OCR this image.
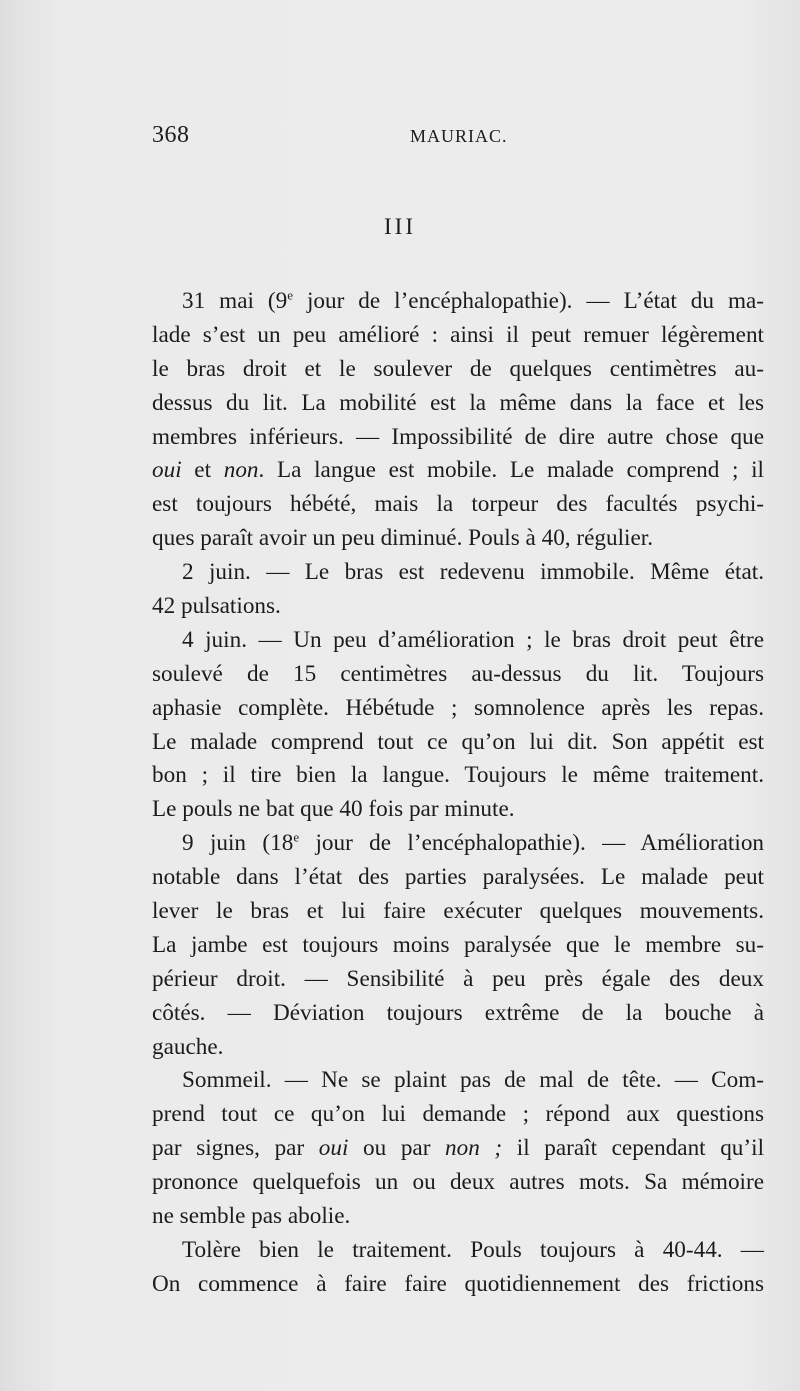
368	MAURIAC.
III
31 mai (9e jour de l’encéphalopathie). — L’état du ma-
lade s’est un peu amélioré : ainsi il peut remuer légèrement
le bras droit et le soulever de quelques centimètres au-
dessus du lit. La mobilité est la même dans la face et les
membres inférieurs. — Impossibilité de dire autre chose que
oui et non. La langue est mobile. Le malade comprend ; il
est toujours hébété, mais la torpeur des facultés psychi-
ques paraît avoir un peu diminué. Pouls à 40, régulier.
2 juin. — Le bras est redevenu immobile. Même état.
42 pulsations.
4 juin. — Un peu d’amélioration ; le bras droit peut être
soulevé de 15 centimètres au-dessus du lit. Toujours
aphasie complète. Hébétude ; somnolence après les repas.
Le malade comprend tout ce qu’on lui dit. Son appétit est
bon ; il tire bien la langue. Toujours le même traitement.
Le pouls ne bat que 40 fois par minute.
9 juin (18e jour de l’encéphalopathie). — Amélioration
notable dans l’état des parties paralysées. Le malade peut
lever le bras et lui faire exécuter quelques mouvements.
La jambe est toujours moins paralysée que le membre su-
périeur droit. — Sensibilité à peu près égale des deux
côtés. — Déviation toujours extrême de la bouche à
gauche.
Sommeil. — Ne se plaint pas de mal de tête. — Com-
prend tout ce qu’on lui demande ; répond aux questions
par signes, par oui ou par non ; il paraît cependant qu’il
prononce quelquefois un ou deux autres mots. Sa mémoire
ne semble pas abolie.
Tolère bien le traitement. Pouls toujours à 40-44. —
On commence à faire faire quotidiennement des frictions
